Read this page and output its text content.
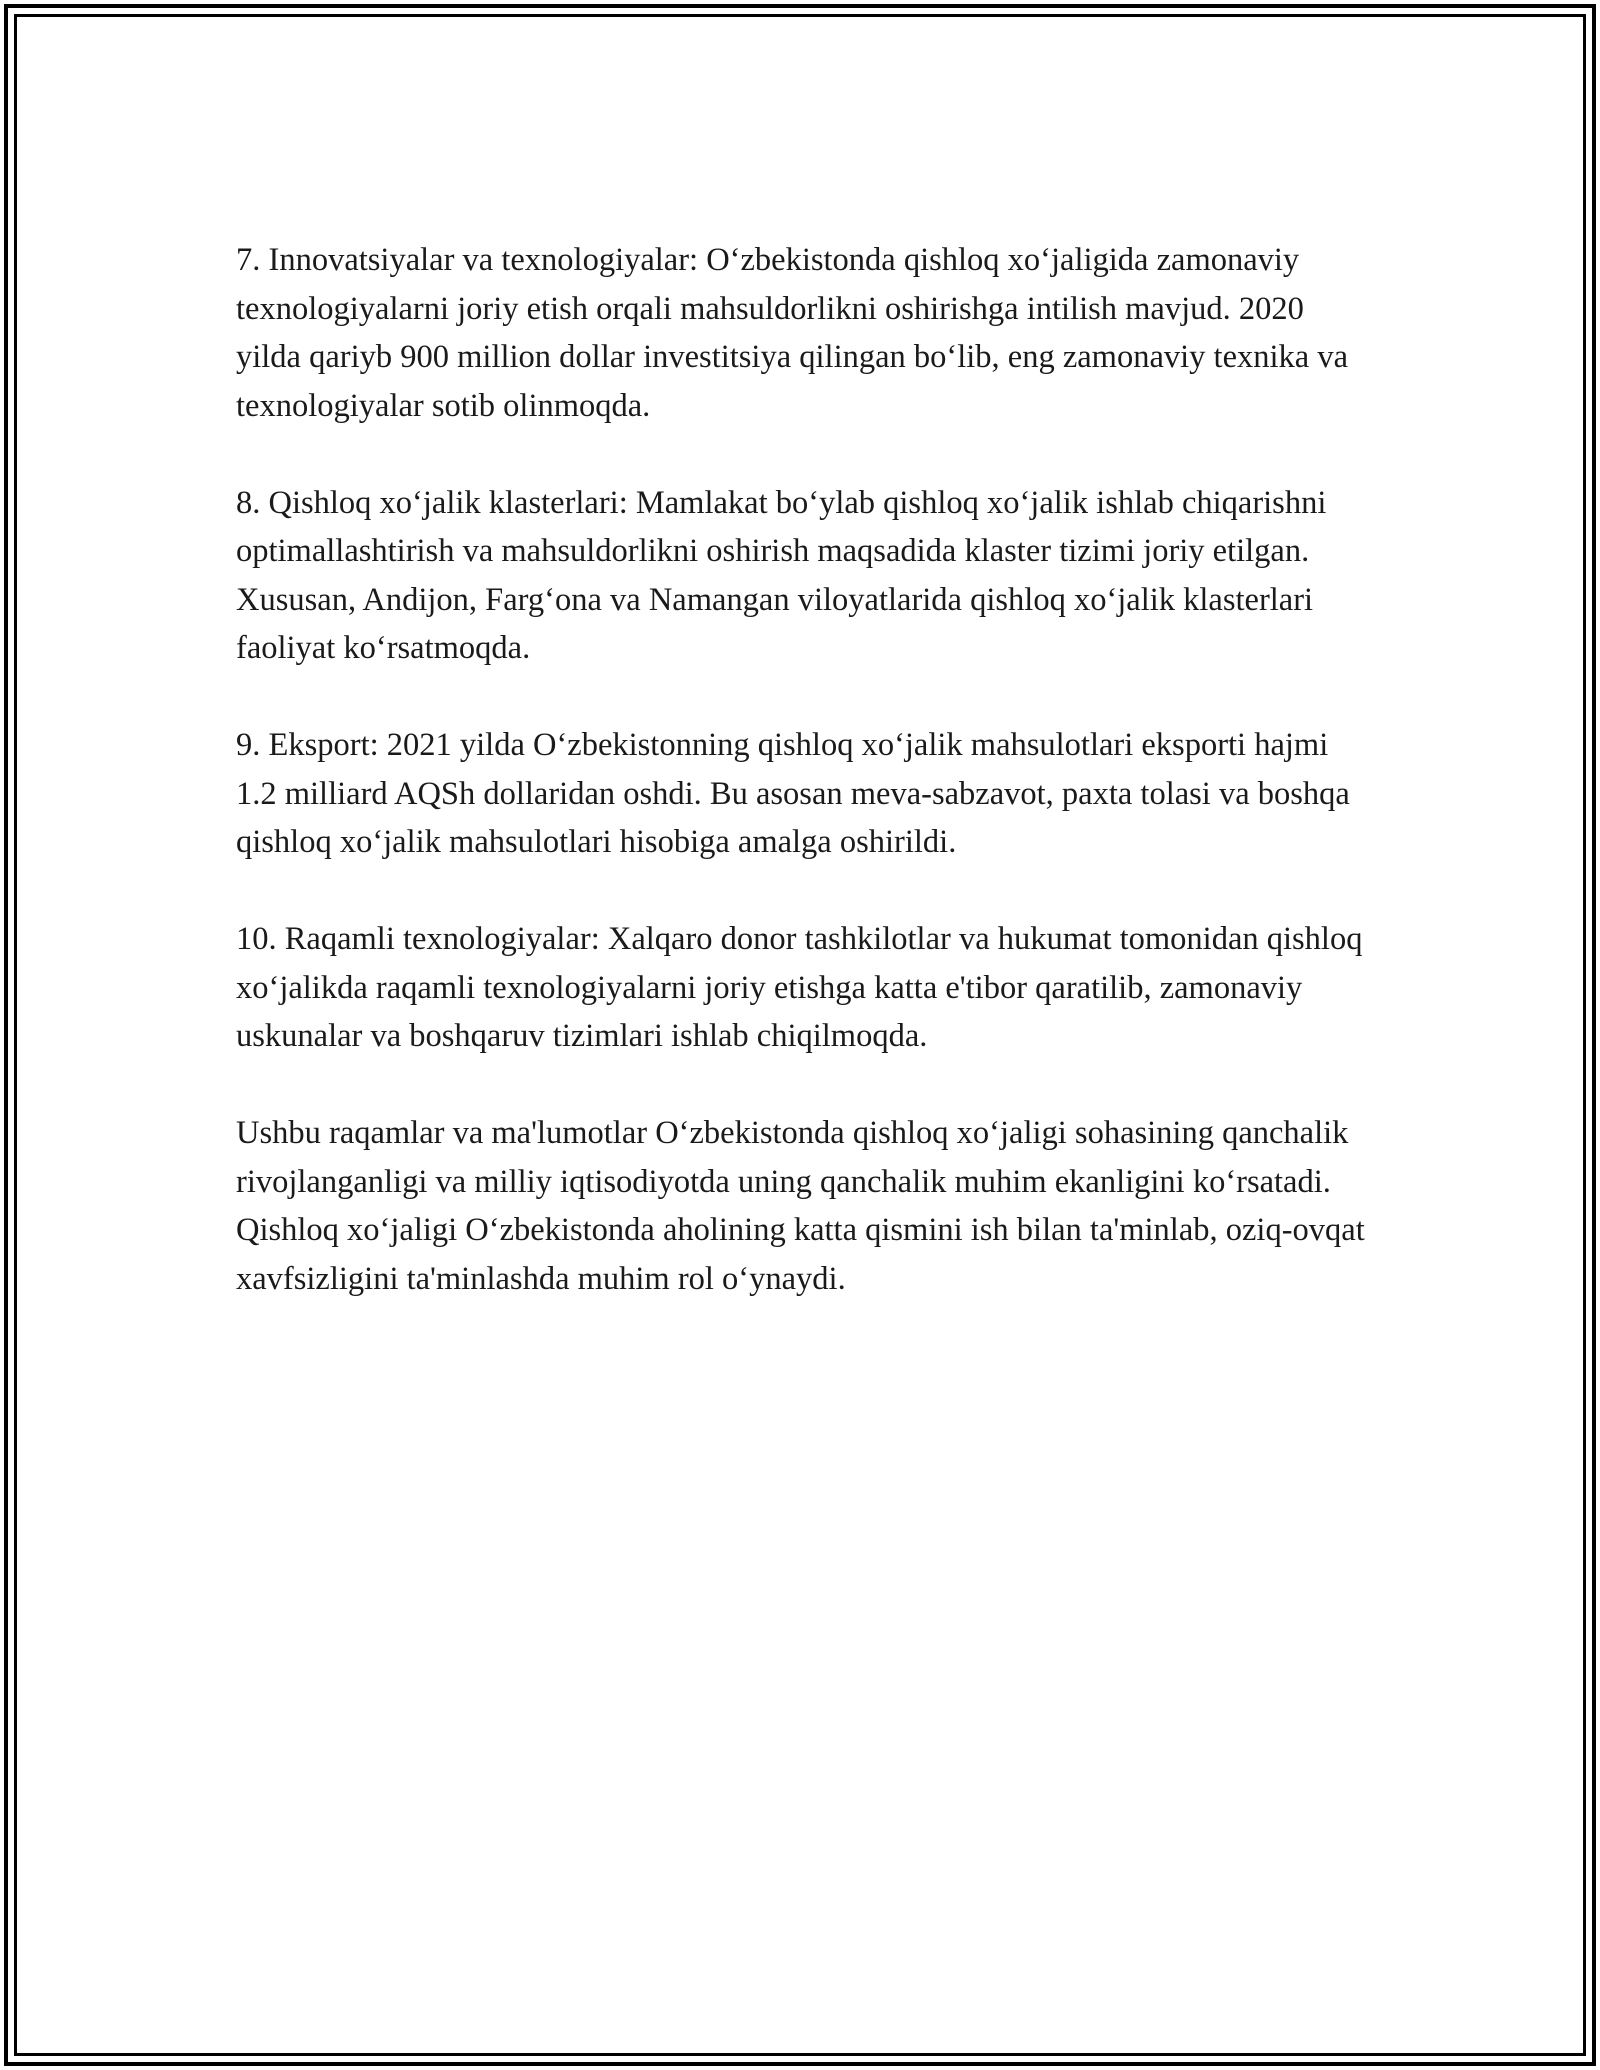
7. Innovatsiyalar va texnologiyalar: O‘zbekistonda qishloq xo‘jaligida zamonaviy texnologiyalarni joriy etish orqali mahsuldorlikni oshirishga intilish mavjud. 2020 yilda qariyb 900 million dollar investitsiya qilingan bo‘lib, eng zamonaviy texnika va texnologiyalar sotib olinmoqda.

8. Qishloq xo‘jalik klasterlari: Mamlakat bo‘ylab qishloq xo‘jalik ishlab chiqarishni optimallashtirish va mahsuldorlikni oshirish maqsadida klaster tizimi joriy etilgan. Xususan, Andijon, Farg‘ona va Namangan viloyatlarida qishloq xo‘jalik klasterlari faoliyat ko‘rsatmoqda.

9. Eksport: 2021 yilda O‘zbekistonning qishloq xo‘jalik mahsulotlari eksporti hajmi 1.2 milliard AQSh dollaridan oshdi. Bu asosan meva-sabzavot, paxta tolasi va boshqa qishloq xo‘jalik mahsulotlari hisobiga amalga oshirildi.

10. Raqamli texnologiyalar: Xalqaro donor tashkilotlar va hukumat tomonidan qishloq xo‘jalikda raqamli texnologiyalarni joriy etishga katta e'tibor qaratilib, zamonaviy uskunalar va boshqaruv tizimlari ishlab chiqilmoqda.

Ushbu raqamlar va ma'lumotlar O‘zbekistonda qishloq xo‘jaligi sohasining qanchalik rivojlanganligi va milliy iqtisodiyotda uning qanchalik muhim ekanligini ko‘rsatadi. Qishloq xo‘jaligi O‘zbekistonda aholining katta qismini ish bilan ta'minlab, oziq-ovqat xavfsizligini ta'minlashda muhim rol o‘ynaydi.
